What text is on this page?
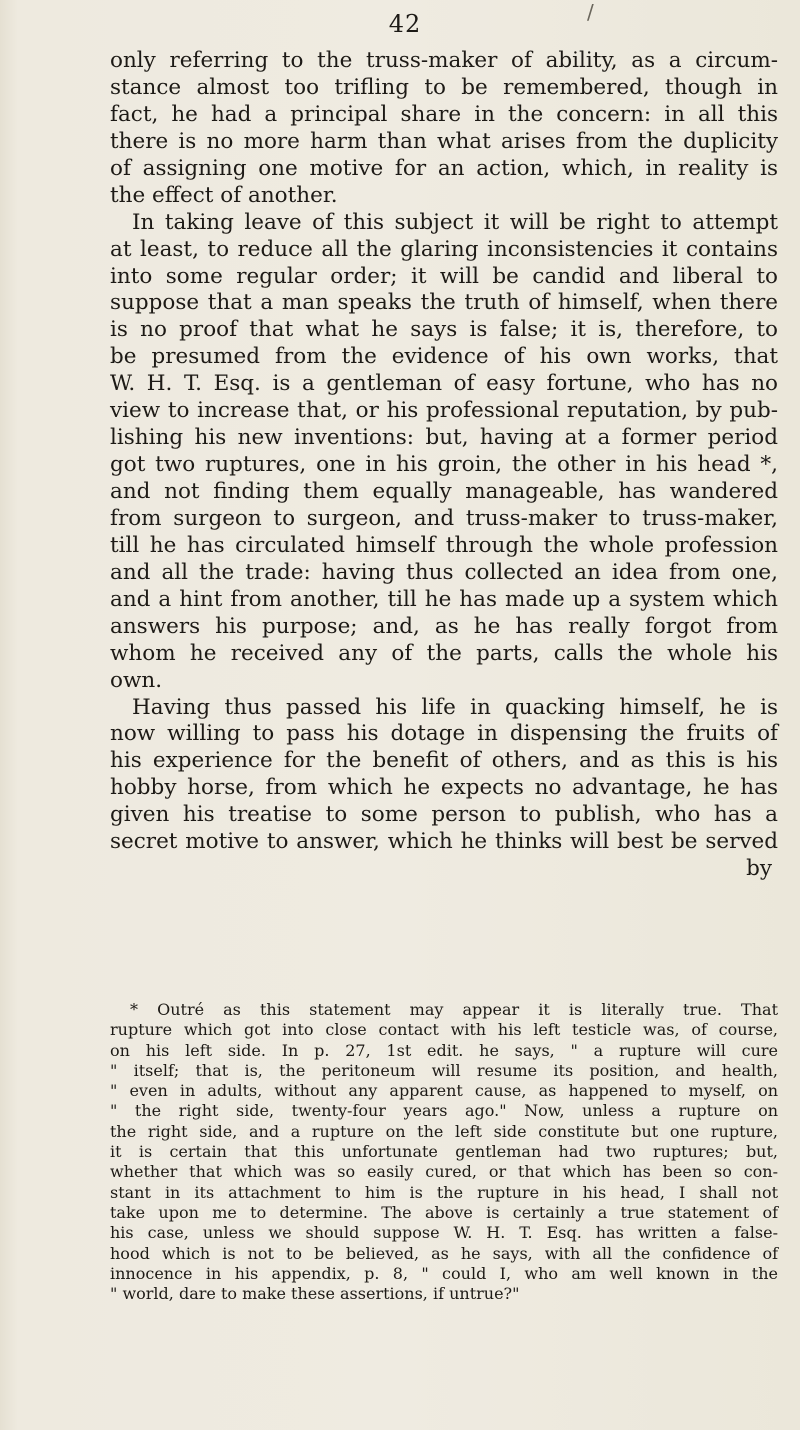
/
42
only referring to the truss-maker of ability, as a circum-
stance almost too trifling to be remembered, though in
fact, he had a principal share in the concern: in all this
there is no more harm than what arises from the duplicity
of assigning one motive for an action, which, in reality is
the effect of another.
In taking leave of this subject it will be right to attempt
at least, to reduce all the glaring inconsistencies it contains
into some regular order; it will be candid and liberal to
suppose that a man speaks the truth of himself, when there
is no proof that what he says is false; it is, therefore, to
be presumed from the evidence of his own works, that
W. H. T. Esq. is a gentleman of easy fortune, who has no
view to increase that, or his professional reputation, by pub-
lishing his new inventions: but, having at a former period
got two ruptures, one in his groin, the other in his head *,
and not finding them equally manageable, has wandered
from surgeon to surgeon, and truss-maker to truss-maker,
till he has circulated himself through the whole profession
and all the trade: having thus collected an idea from one,
and a hint from another, till he has made up a system which
answers his purpose; and, as he has really forgot from
whom he received any of the parts, calls the whole his
own.
Having thus passed his life in quacking himself, he is
now willing to pass his dotage in dispensing the fruits of
his experience for the benefit of others, and as this is his
hobby horse, from which he expects no advantage, he has
given his treatise to some person to publish, who has a
secret motive to answer, which he thinks will best be served
by
* Outré as this statement may appear it is literally true. That
rupture which got into close contact with his left testicle was, of course,
on his left side. In p. 27, 1st edit. he says, " a rupture will cure
" itself; that is, the peritoneum will resume its position, and health,
" even in adults, without any apparent cause, as happened to myself, on
" the right side, twenty-four years ago." Now, unless a rupture on
the right side, and a rupture on the left side constitute but one rupture,
it is certain that this unfortunate gentleman had two ruptures; but,
whether that which was so easily cured, or that which has been so con-
stant in its attachment to him is the rupture in his head, I shall not
take upon me to determine. The above is certainly a true statement of
his case, unless we should suppose W. H. T. Esq. has written a false-
hood which is not to be believed, as he says, with all the confidence of
innocence in his appendix, p. 8, " could I, who am well known in the
" world, dare to make these assertions, if untrue?"
